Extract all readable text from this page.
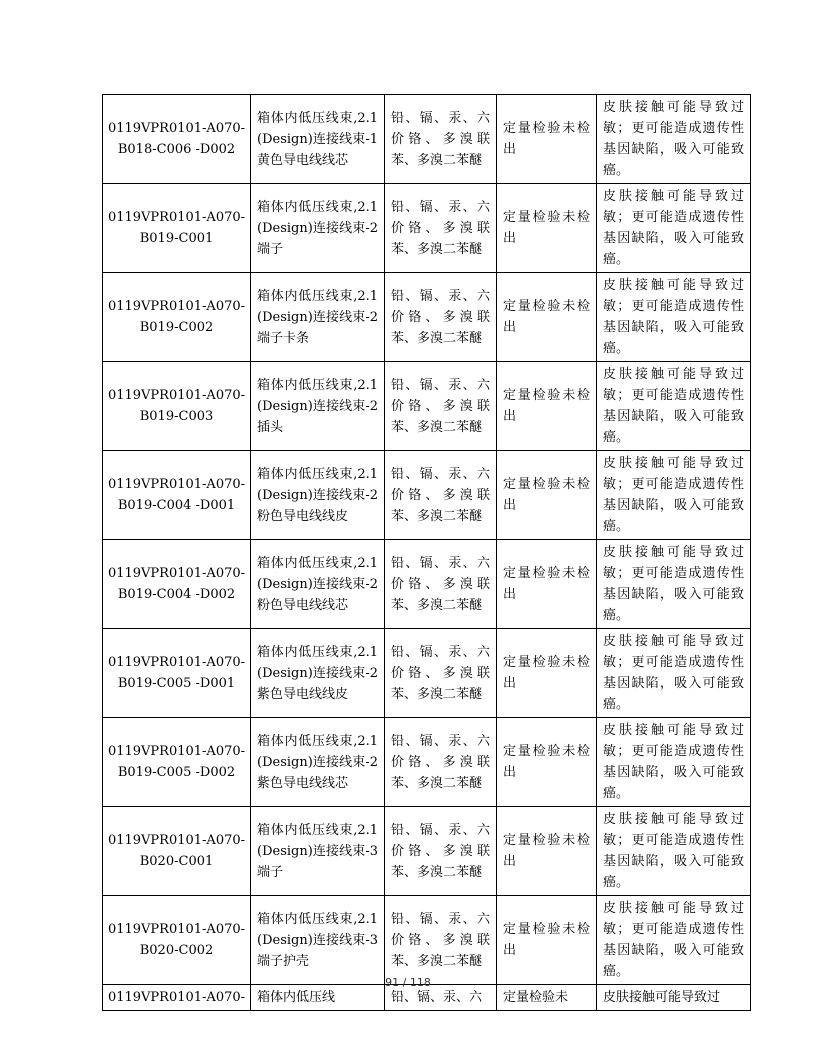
0119VPR0101-A070-B018-C006 -D002	箱体内低压线束,2.1 (Design)连接线束-1 黄色导电线线芯	铅、镉、汞、六价铬、多溴联苯、多溴二苯醚	定量检验未检出	皮肤接触可能导致过敏；更可能造成遗传性基因缺陷，吸入可能致癌。
0119VPR0101-A070-B019-C001	箱体内低压线束,2.1 (Design)连接线束-2 端子	铅、镉、汞、六价铬、多溴联苯、多溴二苯醚	定量检验未检出	皮肤接触可能导致过敏；更可能造成遗传性基因缺陷，吸入可能致癌。
0119VPR0101-A070-B019-C002	箱体内低压线束,2.1 (Design)连接线束-2 端子卡条	铅、镉、汞、六价铬、多溴联苯、多溴二苯醚	定量检验未检出	皮肤接触可能导致过敏；更可能造成遗传性基因缺陷，吸入可能致癌。
0119VPR0101-A070-B019-C003	箱体内低压线束,2.1 (Design)连接线束-2 插头	铅、镉、汞、六价铬、多溴联苯、多溴二苯醚	定量检验未检出	皮肤接触可能导致过敏；更可能造成遗传性基因缺陷，吸入可能致癌。
0119VPR0101-A070-B019-C004 -D001	箱体内低压线束,2.1 (Design)连接线束-2 粉色导电线线皮	铅、镉、汞、六价铬、多溴联苯、多溴二苯醚	定量检验未检出	皮肤接触可能导致过敏；更可能造成遗传性基因缺陷，吸入可能致癌。
0119VPR0101-A070-B019-C004 -D002	箱体内低压线束,2.1 (Design)连接线束-2 粉色导电线线芯	铅、镉、汞、六价铬、多溴联苯、多溴二苯醚	定量检验未检出	皮肤接触可能导致过敏；更可能造成遗传性基因缺陷，吸入可能致癌。
0119VPR0101-A070-B019-C005 -D001	箱体内低压线束,2.1 (Design)连接线束-2 紫色导电线线皮	铅、镉、汞、六价铬、多溴联苯、多溴二苯醚	定量检验未检出	皮肤接触可能导致过敏；更可能造成遗传性基因缺陷，吸入可能致癌。
0119VPR0101-A070-B019-C005 -D002	箱体内低压线束,2.1 (Design)连接线束-2 紫色导电线线芯	铅、镉、汞、六价铬、多溴联苯、多溴二苯醚	定量检验未检出	皮肤接触可能导致过敏；更可能造成遗传性基因缺陷，吸入可能致癌。
0119VPR0101-A070-B020-C001	箱体内低压线束,2.1 (Design)连接线束-3 端子	铅、镉、汞、六价铬、多溴联苯、多溴二苯醚	定量检验未检出	皮肤接触可能导致过敏；更可能造成遗传性基因缺陷，吸入可能致癌。
0119VPR0101-A070-B020-C002	箱体内低压线束,2.1 (Design)连接线束-3 端子护壳	铅、镉、汞、六价铬、多溴联苯、多溴二苯醚	定量检验未检出	皮肤接触可能导致过敏；更可能造成遗传性基因缺陷，吸入可能致癌。
0119VPR0101-A070-	箱体内低压线	铅、镉、汞、六	定量检验未	皮肤接触可能导致过
91 / 118
